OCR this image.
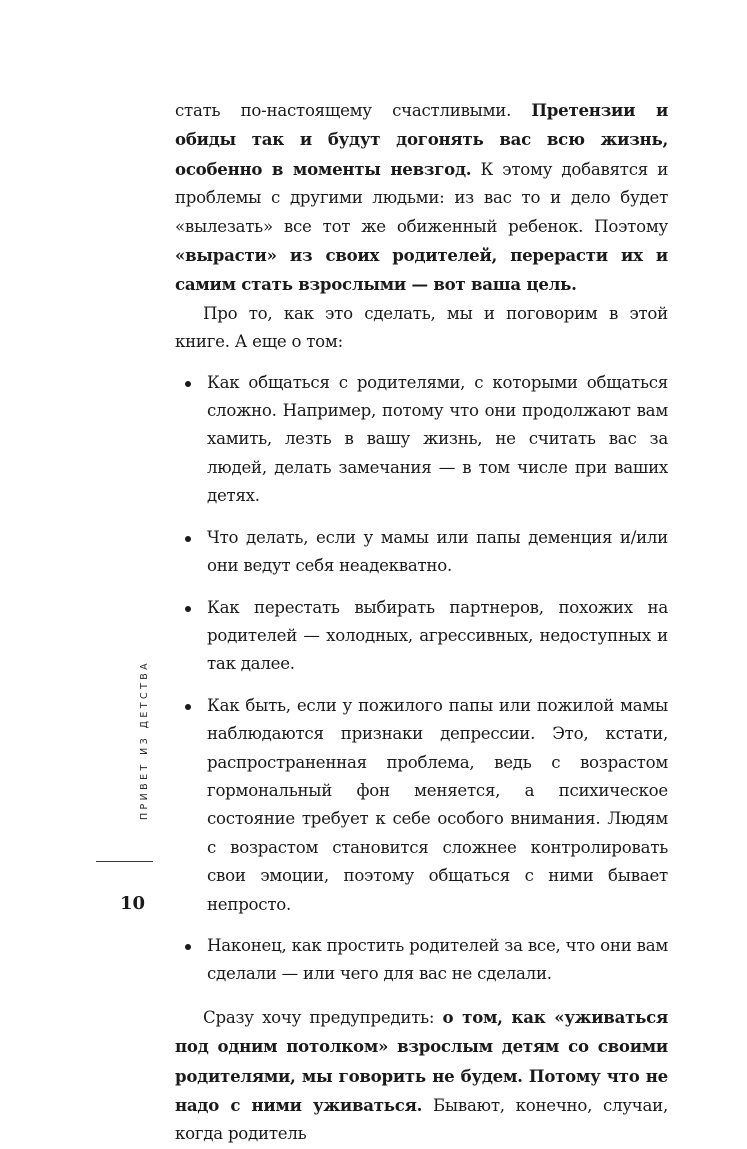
стать по-настоящему счастливыми. Претензии и обиды так и будут догонять вас всю жизнь, особенно в моменты невзгод. К этому добавятся и проблемы с другими людьми: из вас то и дело будет «вылезать» все тот же обиженный ребенок. Поэтому «вырасти» из своих родителей, перерасти их и самим стать взрослыми — вот ваша цель.

Про то, как это сделать, мы и поговорим в этой книге. А еще о том:

Как общаться с родителями, с которыми общаться сложно. Например, потому что они продолжают вам хамить, лезть в вашу жизнь, не считать вас за людей, делать замечания — в том числе при ваших детях.
Что делать, если у мамы или папы деменция и/или они ведут себя неадекватно.
Как перестать выбирать партнеров, похожих на родителей — холодных, агрессивных, недоступных и так далее.
Как быть, если у пожилого папы или пожилой мамы наблюдаются признаки депрессии. Это, кстати, распространенная проблема, ведь с возрастом гормональный фон меняется, а психическое состояние требует к себе особого внимания. Людям с возрастом становится сложнее контролировать свои эмоции, поэтому общаться с ними бывает непросто.
Наконец, как простить родителей за все, что они вам сделали — или чего для вас не сделали.

Сразу хочу предупредить: о том, как «уживаться под одним потолком» взрослым детям со своими родителями, мы говорить не будем. Потому что не надо с ними уживаться. Бывают, конечно, случаи, когда родитель

ПРИВЕТ ИЗ ДЕТСТВА
10
